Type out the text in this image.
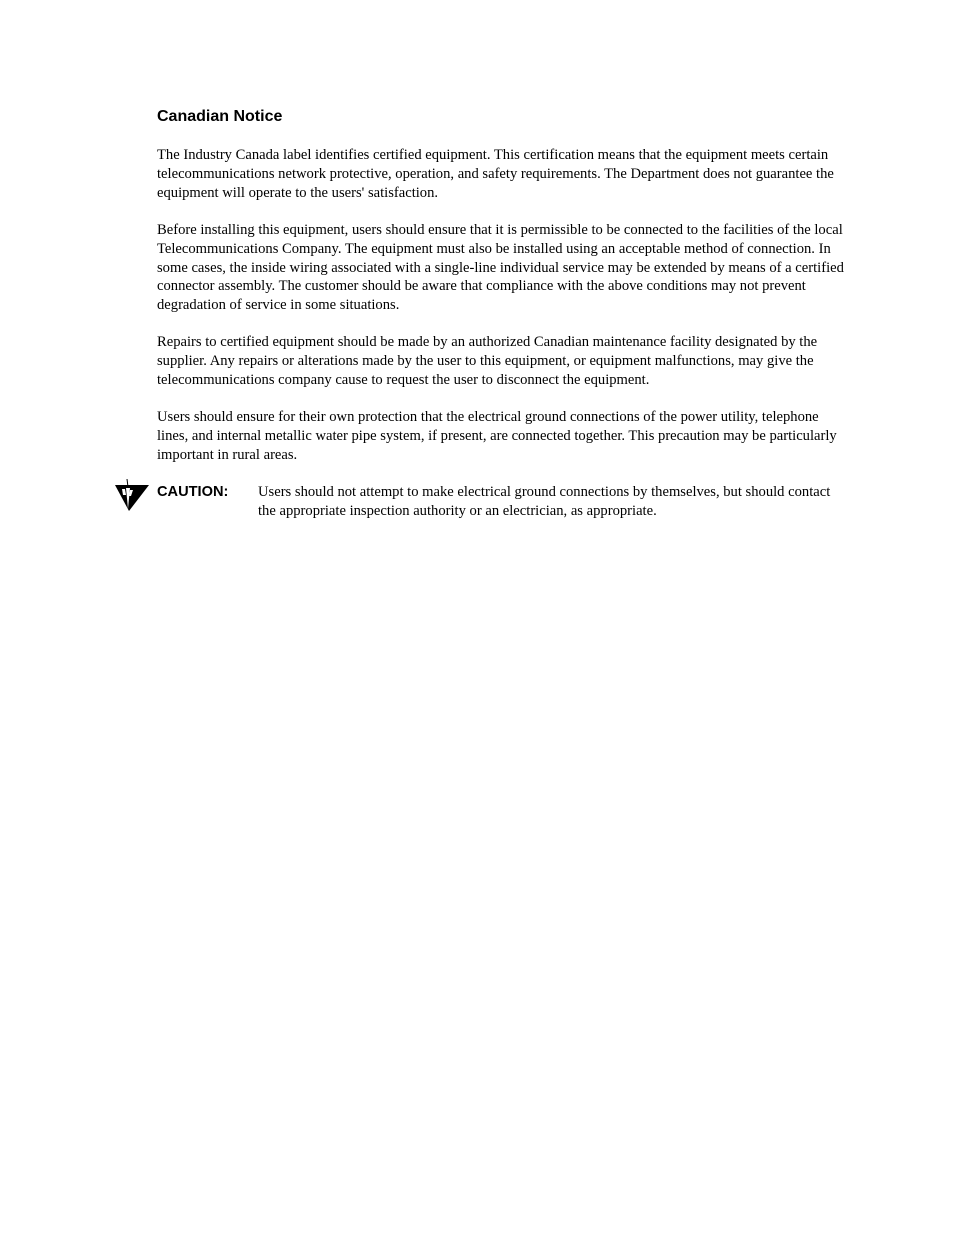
Canadian Notice

The Industry Canada label identifies certified equipment. This certification means that the equipment meets certain telecommunications network protective, operation, and safety requirements. The Department does not guarantee the equipment will operate to the users' satisfaction.

Before installing this equipment, users should ensure that it is permissible to be connected to the facilities of the local Telecommunications Company. The equipment must also be installed using an acceptable method of connection. In some cases, the inside wiring associated with a single-line individual service may be extended by means of a certified connector assembly. The customer should be aware that compliance with the above conditions may not prevent degradation of service in some situations.

Repairs to certified equipment should be made by an authorized Canadian maintenance facility designated by the supplier. Any repairs or alterations made by the user to this equipment, or equipment malfunctions, may give the telecommunications company cause to request the user to disconnect the equipment.

Users should ensure for their own protection that the electrical ground connections of the power utility, telephone lines, and internal metallic water pipe system, if present, are connected together. This precaution may be particularly important in rural areas.

CAUTION: Users should not attempt to make electrical ground connections by themselves, but should contact the appropriate inspection authority or an electrician, as appropriate.
